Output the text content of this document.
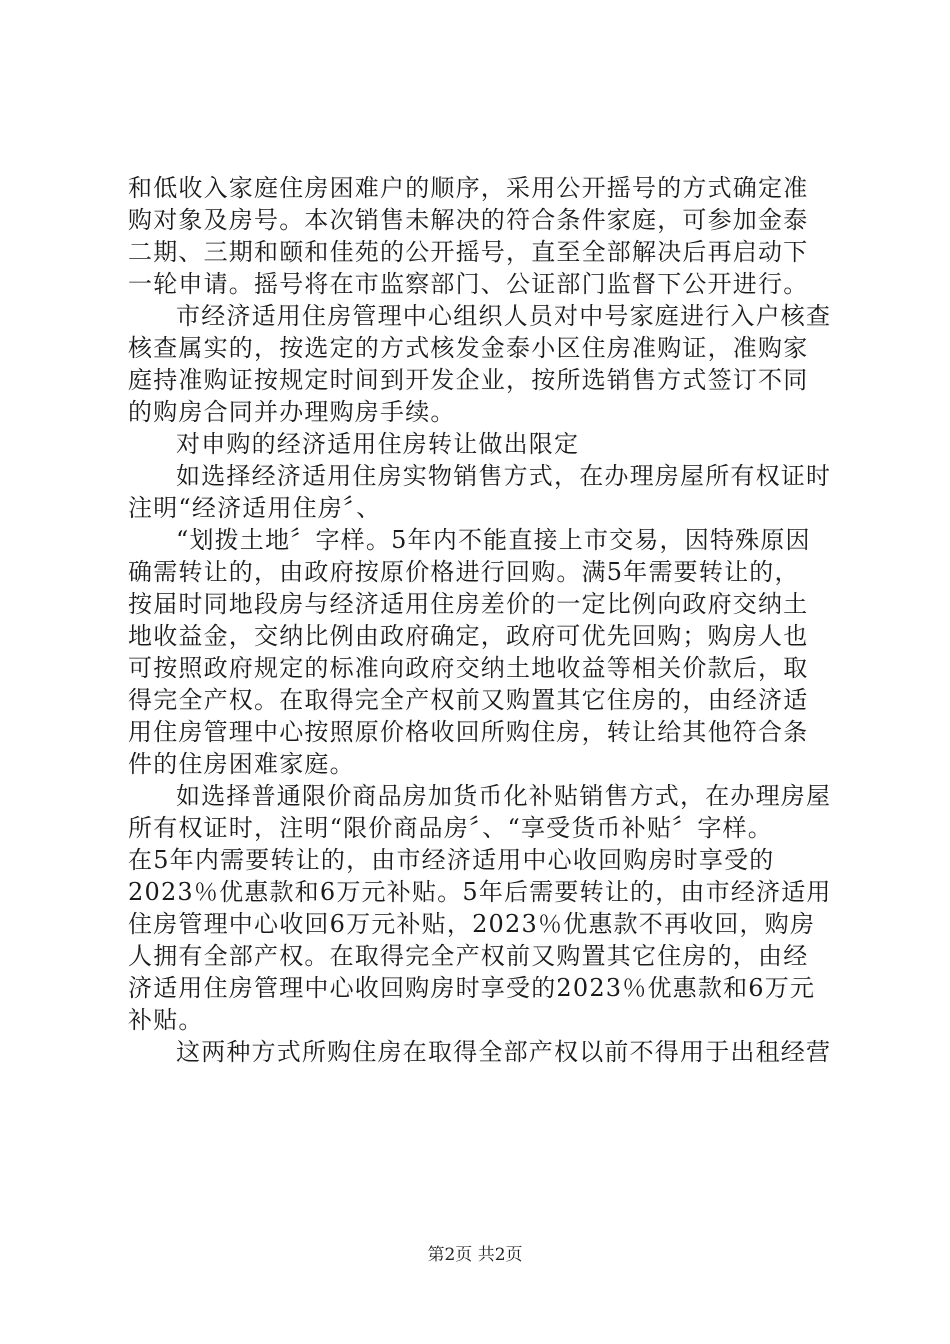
和低收入家庭住房困难户的顺序，采用公开摇号的方式确定准
购对象及房号。本次销售未解决的符合条件家庭，可参加金泰
二期、三期和颐和佳苑的公开摇号，直至全部解决后再启动下
一轮申请。摇号将在市监察部门、公证部门监督下公开进行。
市经济适用住房管理中心组织人员对中号家庭进行入户核查
核查属实的，按选定的方式核发金泰小区住房准购证，准购家
庭持准购证按规定时间到开发企业，按所选销售方式签订不同
的购房合同并办理购房手续。
对申购的经济适用住房转让做出限定
如选择经济适用住房实物销售方式，在办理房屋所有权证时
注明“经济适用住房〞、
“划拨土地〞字样。5年内不能直接上市交易，因特殊原因
确需转让的，由政府按原价格进行回购。满5年需要转让的，
按届时同地段房与经济适用住房差价的一定比例向政府交纳土
地收益金，交纳比例由政府确定，政府可优先回购；购房人也
可按照政府规定的标准向政府交纳土地收益等相关价款后，取
得完全产权。在取得完全产权前又购置其它住房的，由经济适
用住房管理中心按照原价格收回所购住房，转让给其他符合条
件的住房困难家庭。
如选择普通限价商品房加货币化补贴销售方式，在办理房屋
所有权证时，注明“限价商品房〞、“享受货币补贴〞字样。
在5年内需要转让的，由市经济适用中心收回购房时享受的
2023％优惠款和6万元补贴。5年后需要转让的，由市经济适用
住房管理中心收回6万元补贴，2023％优惠款不再收回，购房
人拥有全部产权。在取得完全产权前又购置其它住房的，由经
济适用住房管理中心收回购房时享受的2023％优惠款和6万元
补贴。
这两种方式所购住房在取得全部产权以前不得用于出租经营
第2页 共2页
